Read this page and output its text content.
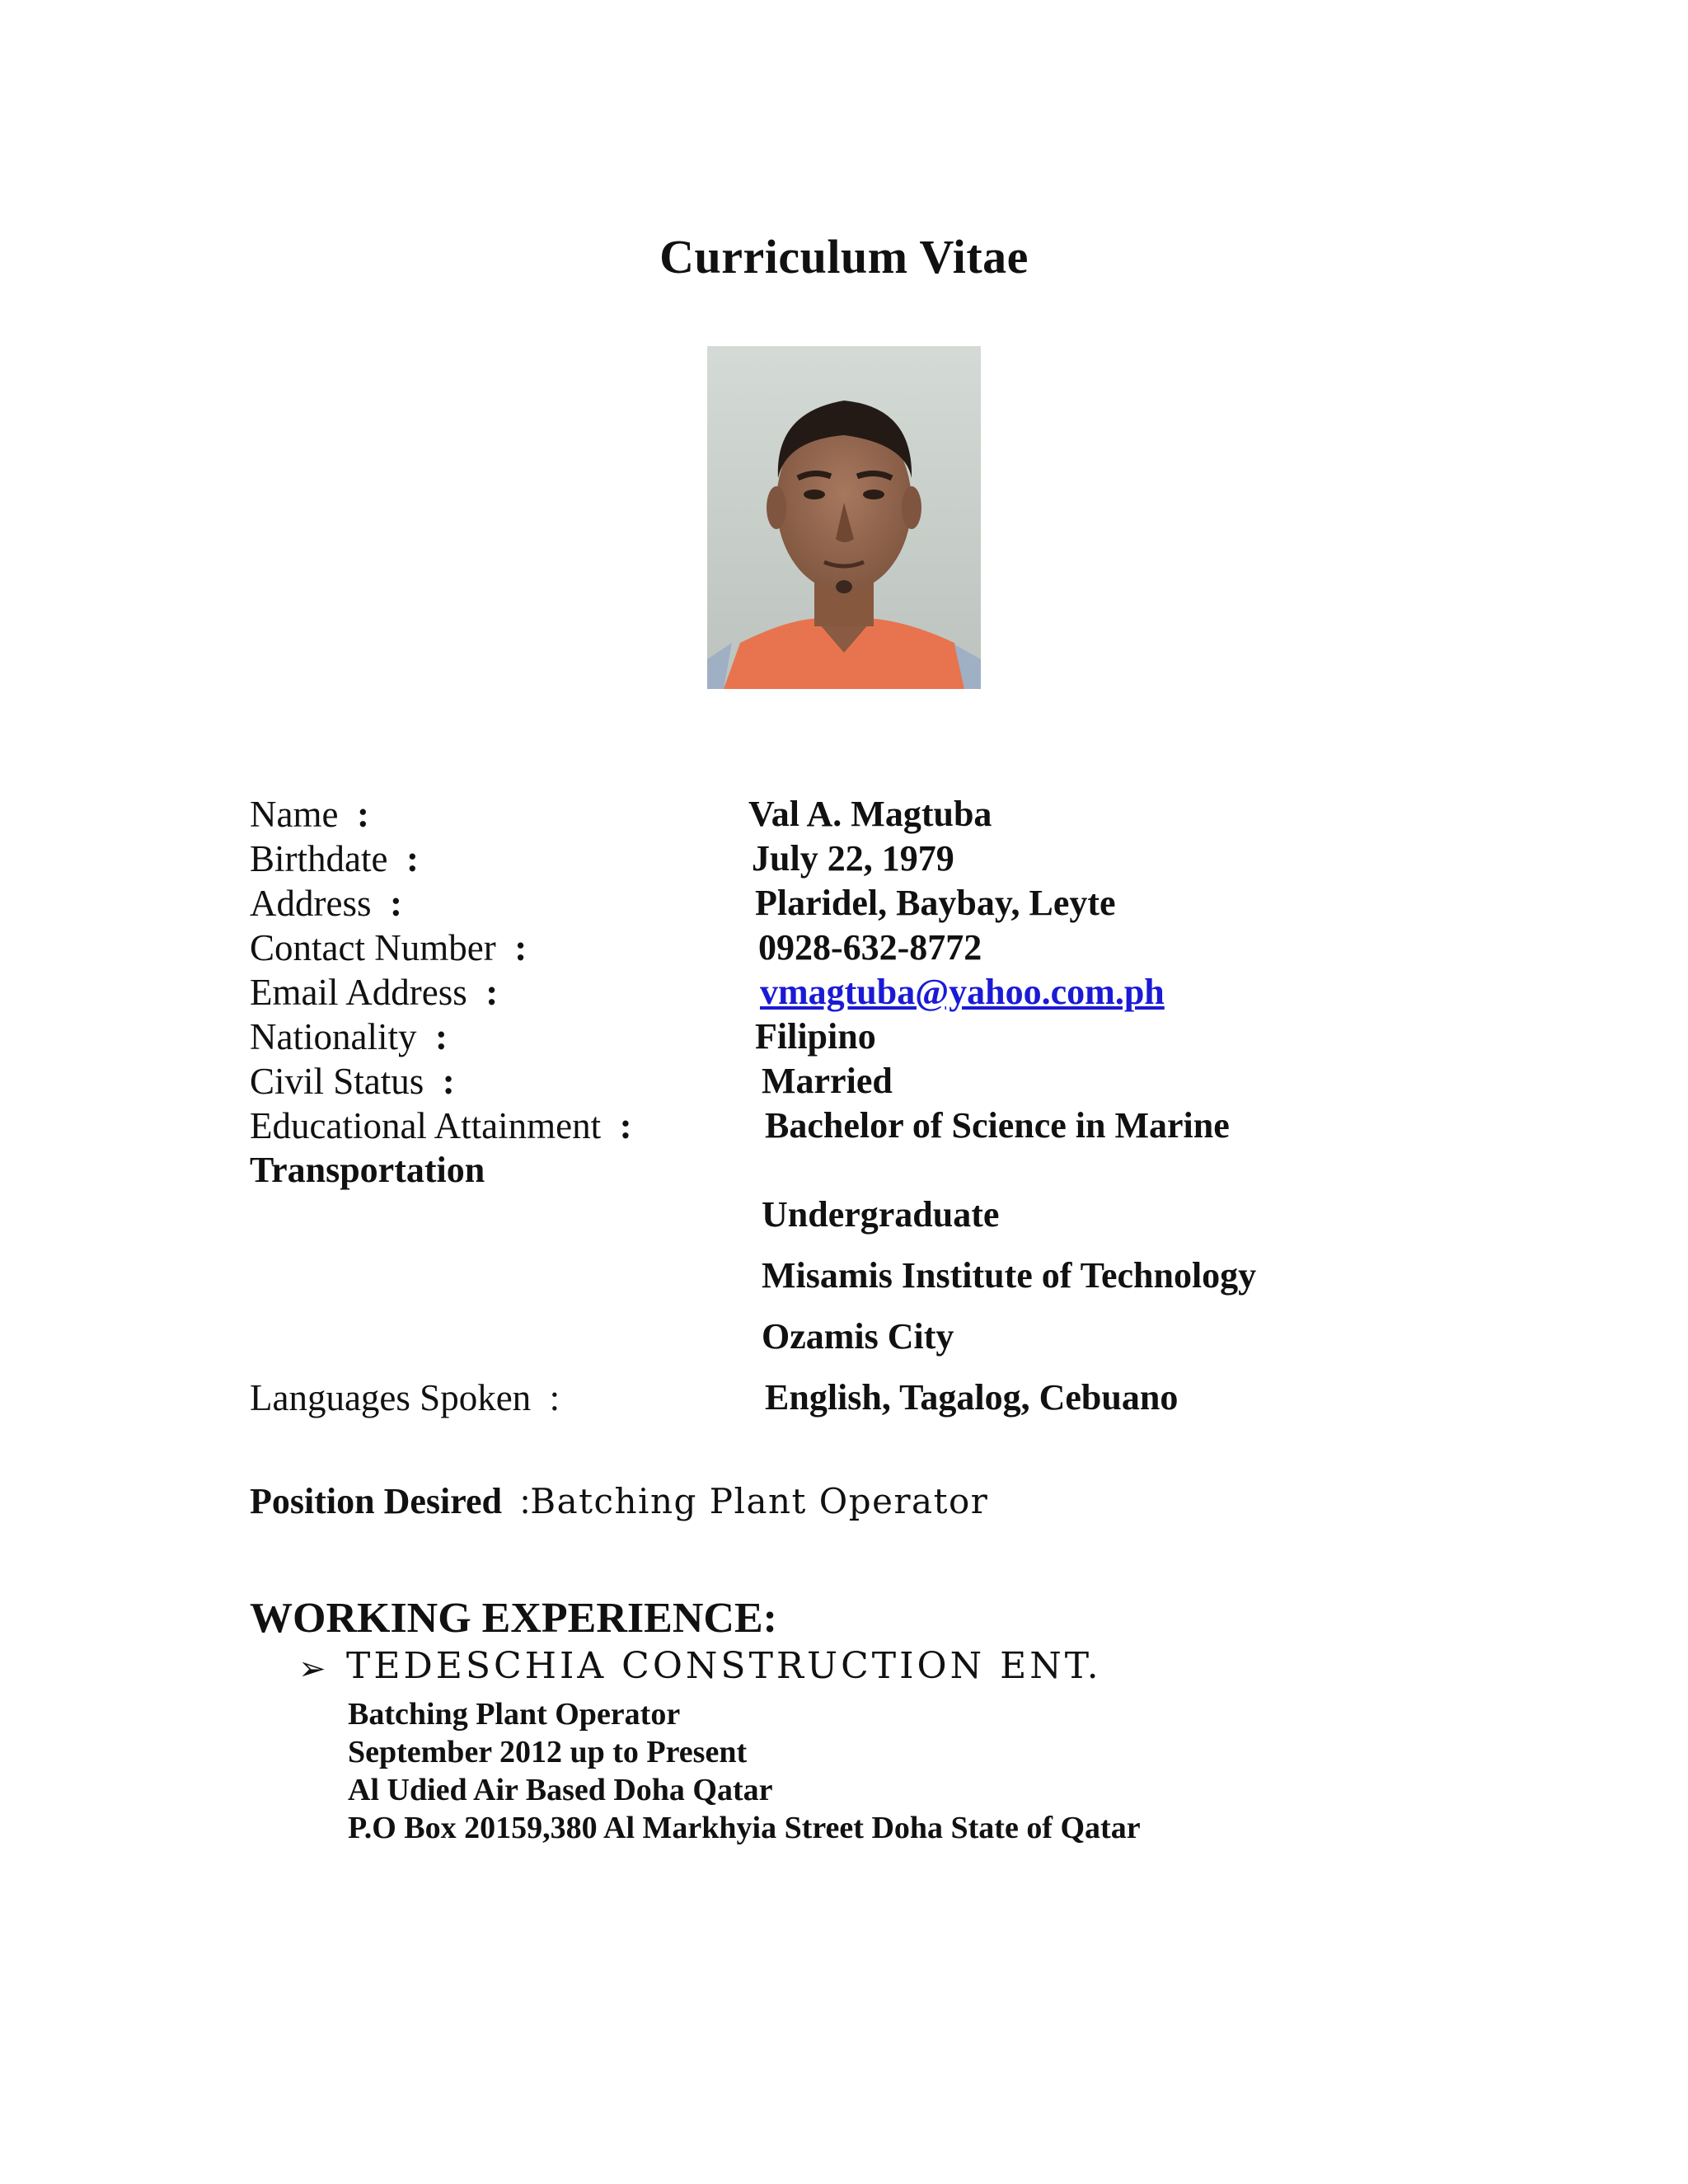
Curriculum Vitae
Name :	Val A. Magtuba
Birthdate :	July 22, 1979
Address :	Plaridel, Baybay, Leyte
Contact Number :	0928-632-8772
Email Address :	vmagtuba@yahoo.com.ph
Nationality :	Filipino
Civil Status :	Married
Educational Attainment :	Bachelor of Science in Marine
Transportation
Undergraduate
Misamis Institute of Technology
Ozamis City
Languages Spoken :	English, Tagalog, Cebuano
Position Desired :Batching Plant Operator
WORKING EXPERIENCE:
➢ TEDESCHIA CONSTRUCTION ENT.
Batching Plant Operator
September 2012 up to Present
Al Udied Air Based Doha Qatar
P.O Box 20159,380 Al Markhyia Street Doha State of Qatar
